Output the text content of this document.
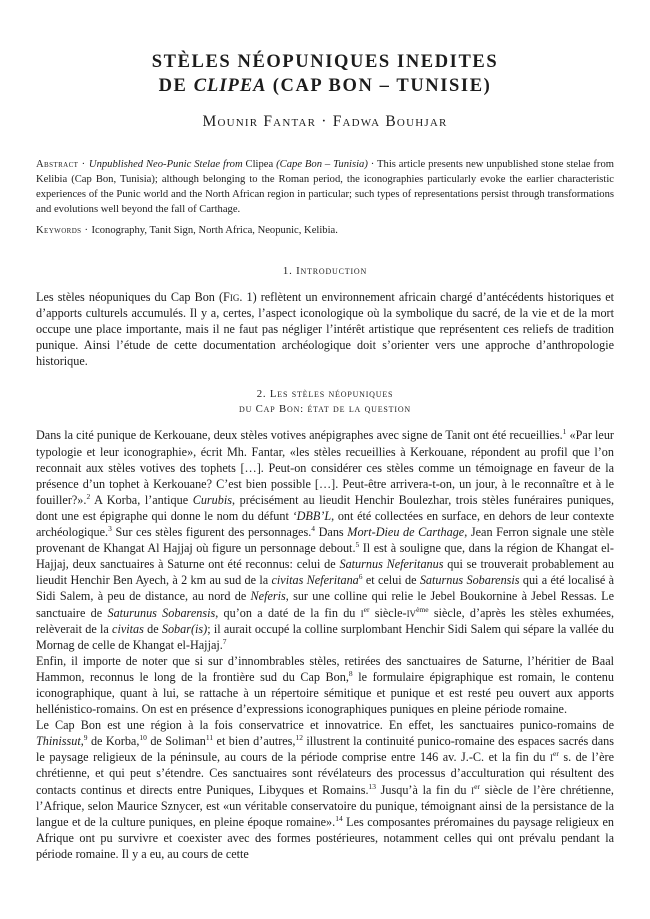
STÈLES NÉOPUNIQUES INEDITES
DE CLIPEA (CAP BON – TUNISIE)
Mounir Fantar · Fadwa Bouhjar
Abstract · Unpublished Neo-Punic Stelae from Clipea (Cape Bon – Tunisia) · This article presents new unpublished stone stelae from Kelibia (Cap Bon, Tunisia); although belonging to the Roman period, the iconographies particularly evoke the earlier characteristic experiences of the Punic world and the North African region in particular; such types of representations persist through transformations and evolutions well beyond the fall of Carthage.
Keywords · Iconography, Tanit Sign, North Africa, Neopunic, Kelibia.
1. Introduction

Les stèles néopuniques du Cap Bon (Fig. 1) reflètent un environnement africain chargé d’antécédents historiques et d’apports culturels accumulés. Il y a, certes, l’aspect iconologique où la symbolique du sacré, de la vie et de la mort occupe une place importante, mais il ne faut pas négliger l’intérêt artistique que représentent ces reliefs de tradition punique. Ainsi l’étude de cette documentation archéologique doit s’orienter vers une approche d’anthropologie historique.

2. Les stèles néopuniques
du Cap Bon: état de la question

Dans la cité punique de Kerkouane, deux stèles votives anépigraphes avec signe de Tanit ont été recueillies.$^1$ «Par leur typologie et leur iconographie», écrit Mh. Fantar, «les stèles recueillies à Kerkouane, répondent au profil que l’on reconnait aux stèles votives des tophets […]. Peut-on considérer ces stèles comme un témoignage en faveur de la présence d’un tophet à Kerkouane? C’est bien possible […]. Peut-être arrivera-t-on, un jour, à le reconnaître et à le fouiller?».$^2$ A Korba, l’antique Curubis, précisément au lieudit Henchir Boulezhar, trois stèles funéraires puniques, dont une est épigraphe qui donne le nom du défunt ‘DBB’L, ont été collectées en surface, en dehors de leur contexte archéologique.$^3$ Sur ces stèles figurent des personnages.$^4$ Dans Mort-Dieu de Carthage, Jean Ferron signale une stèle provenant de Khangat Al Hajjaj où figure un personnage debout.$^5$ Il est à souligne que, dans la région de Khangat el-Hajjaj, deux sanctuaires à Saturne ont été reconnus: celui de Saturnus Neferitanus qui se trouverait probablement au lieudit Henchir Ben Ayech, à 2 km au sud de la civitas Neferitana$^6$ et celui de Saturnus Sobarensis qui a été localisé à Sidi Salem, à peu de distance, au nord de Neferis, sur une colline qui relie le Jebel Boukornine à Jebel Ressas. Le sanctuaire de Saturunus Sobarensis, qu’on a daté de la fin du $i^{er}$ siècle-$iv^{ème}$ siècle, d’après les stèles exhumées, relèverait de la civitas de Sobar(is); il aurait occupé la colline surplombant Henchir Sidi Salem qui sépare la vallée du Mornag de celle de Khangat el-Hajjaj.$^7$

Enfin, il importe de noter que si sur d’innombrables stèles, retirées des sanctuaires de Saturne, l’héritier de Baal Hammon, reconnus le long de la frontière sud du Cap Bon,$^8$ le formulaire épigraphique est romain, le contenu iconographique, quant à lui, se rattache à un répertoire sémitique et punique et est resté peu ouvert aux apports hellénistico-romains. On est en présence d’expressions iconographiques puniques en pleine période romaine.

Le Cap Bon est une région à la fois conservatrice et innovatrice. En effet, les sanctuaires punico-romains de Thinissut,$^9$ de Korba,$^{10}$ de Soliman$^{11}$ et bien d’autres,$^{12}$ illustrent la continuité punico-romaine des espaces sacrés dans le paysage religieux de la péninsule, au cours de la période comprise entre 146 av. J.-C. et la fin du $i^{er}$ s. de l’ère chrétienne, et qui peut s’étendre. Ces sanctuaires sont révélateurs des processus d’acculturation qui résultent des contacts continus et directs entre Puniques, Libyques et Romains.$^{13}$ Jusqu’à la fin du $i^{er}$ siècle de l’ère chrétienne, l’Afrique, selon Maurice Sznycer, est «un véritable conservatoire du punique, témoignant ainsi de la persistance de la langue et de la culture puniques, en pleine époque romaine».$^{14}$ Les composantes préromaines du paysage religieux en Afrique ont pu survivre et coexister avec des formes postérieures, notamment celles qui ont prévalu pendant la période romaine. Il y a eu, au cours de cette
